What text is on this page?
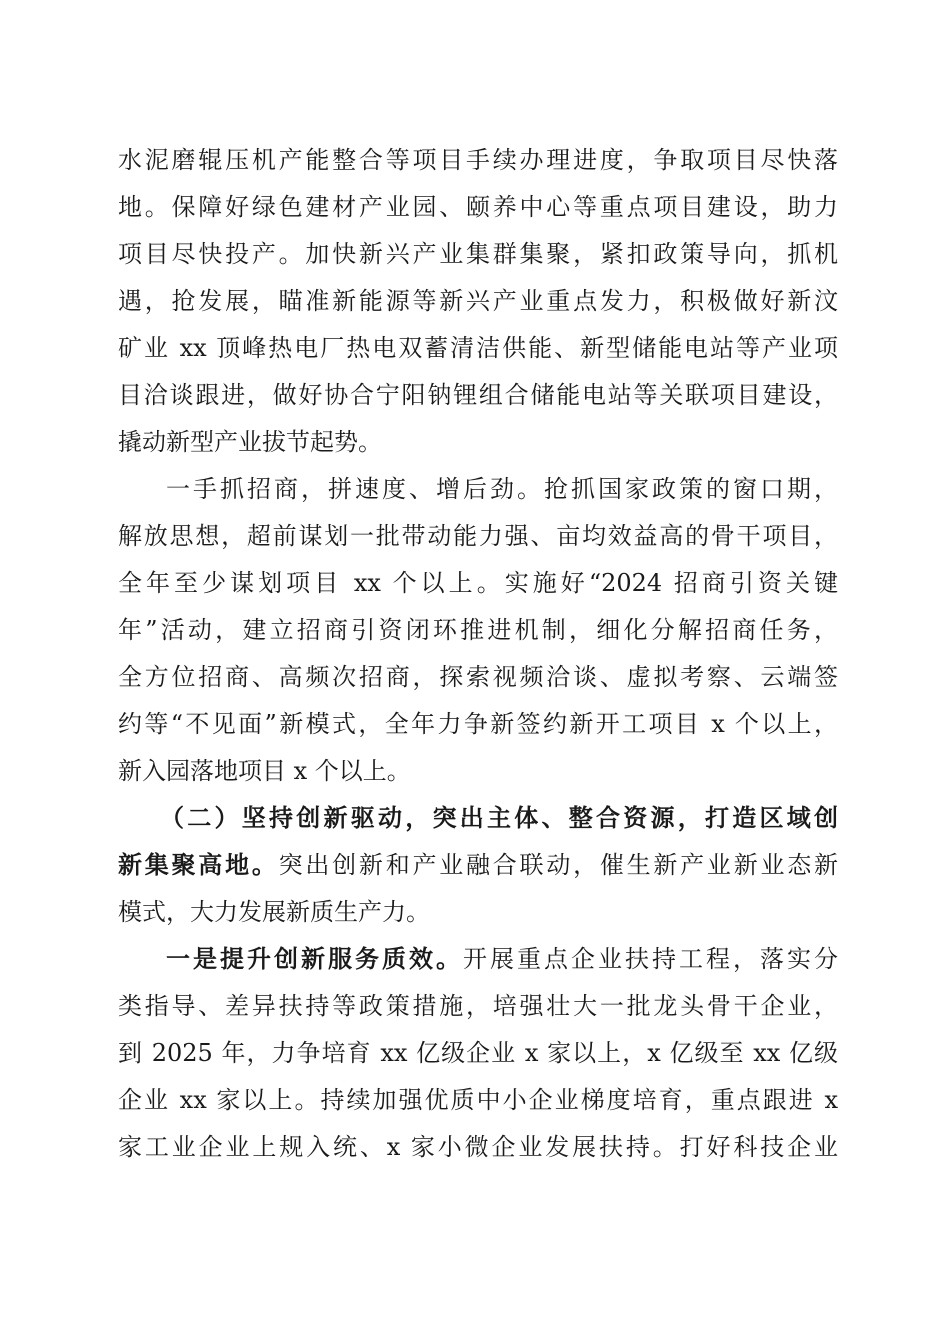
水泥磨辊压机产能整合等项目手续办理进度，争取项目尽快落
地。保障好绿色建材产业园、颐养中心等重点项目建设，助力
项目尽快投产。加快新兴产业集群集聚，紧扣政策导向，抓机
遇，抢发展，瞄准新能源等新兴产业重点发力，积极做好新汶
矿业 xx 顶峰热电厂热电双蓄清洁供能、新型储能电站等产业项
目洽谈跟进，做好协合宁阳钠锂组合储能电站等关联项目建设，
撬动新型产业拔节起势。
一手抓招商，拼速度、增后劲。抢抓国家政策的窗口期，
解放思想，超前谋划一批带动能力强、亩均效益高的骨干项目，
全年至少谋划项目 xx 个以上。实施好“2024 招商引资关键
年”活动，建立招商引资闭环推进机制，细化分解招商任务，
全方位招商、高频次招商，探索视频洽谈、虚拟考察、云端签
约等“不见面”新模式，全年力争新签约新开工项目 x 个以上，
新入园落地项目 x 个以上。
（二）坚持创新驱动，突出主体、整合资源，打造区域创
新集聚高地。突出创新和产业融合联动，催生新产业新业态新
模式，大力发展新质生产力。
一是提升创新服务质效。开展重点企业扶持工程，落实分
类指导、差异扶持等政策措施，培强壮大一批龙头骨干企业，
到 2025 年，力争培育 xx 亿级企业 x 家以上，x 亿级至 xx 亿级
企业 xx 家以上。持续加强优质中小企业梯度培育，重点跟进 x
家工业企业上规入统、x 家小微企业发展扶持。打好科技企业
